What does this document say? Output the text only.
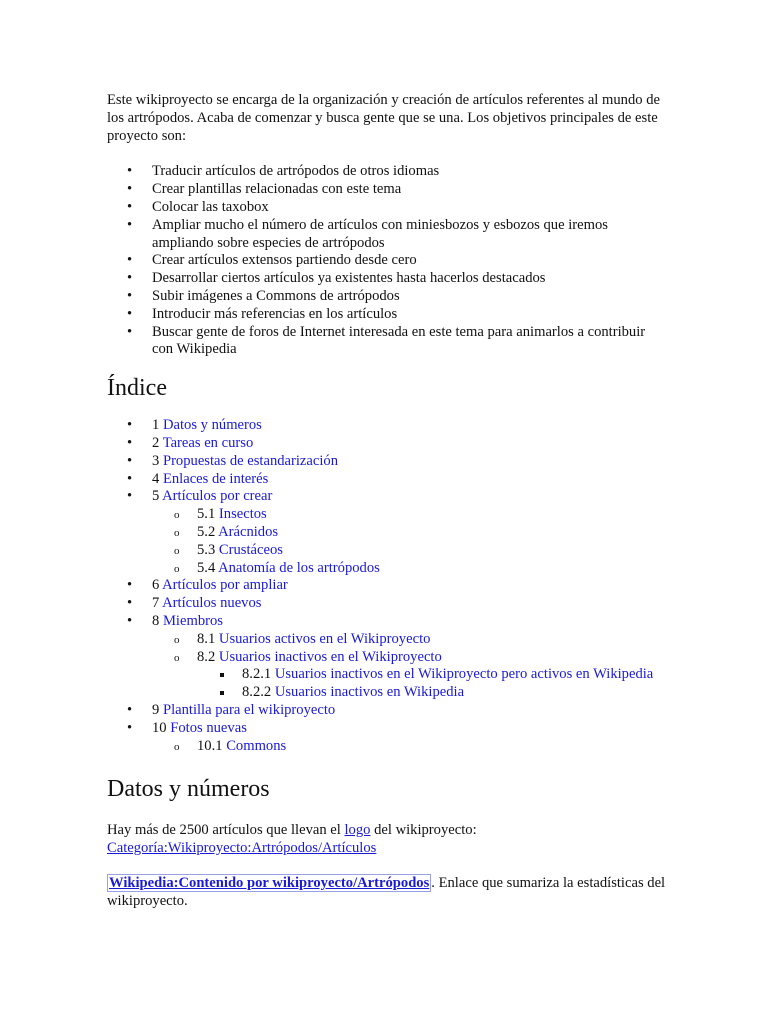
Este wikiproyecto se encarga de la organización y creación de artículos referentes al mundo de los artrópodos. Acaba de comenzar y busca gente que se una. Los objetivos principales de este proyecto son:

• Traducir artículos de artrópodos de otros idiomas
• Crear plantillas relacionadas con este tema
• Colocar las taxobox
• Ampliar mucho el número de artículos con miniesbozos y esbozos que iremos ampliando sobre especies de artrópodos
• Crear artículos extensos partiendo desde cero
• Desarrollar ciertos artículos ya existentes hasta hacerlos destacados
• Subir imágenes a Commons de artrópodos
• Introducir más referencias en los artículos
• Buscar gente de foros de Internet interesada en este tema para animarlos a contribuir con Wikipedia
Índice
• 1 Datos y números
• 2 Tareas en curso
• 3 Propuestas de estandarización
• 4 Enlaces de interés
• 5 Artículos por crear
o 5.1 Insectos
o 5.2 Arácnidos
o 5.3 Crustáceos
o 5.4 Anatomía de los artrópodos
• 6 Artículos por ampliar
• 7 Artículos nuevos
• 8 Miembros
o 8.1 Usuarios activos en el Wikiproyecto
o 8.2 Usuarios inactivos en el Wikiproyecto
8.2.1 Usuarios inactivos en el Wikiproyecto pero activos en Wikipedia
8.2.2 Usuarios inactivos en Wikipedia
• 9 Plantilla para el wikiproyecto
• 10 Fotos nuevas
o 10.1 Commons
Datos y números

Hay más de 2500 artículos que llevan el logo del wikiproyecto:
Categoría:Wikiproyecto:Artrópodos/Artículos

Wikipedia:Contenido por wikiproyecto/Artrópodos . Enlace que sumariza la estadísticas del wikiproyecto.
